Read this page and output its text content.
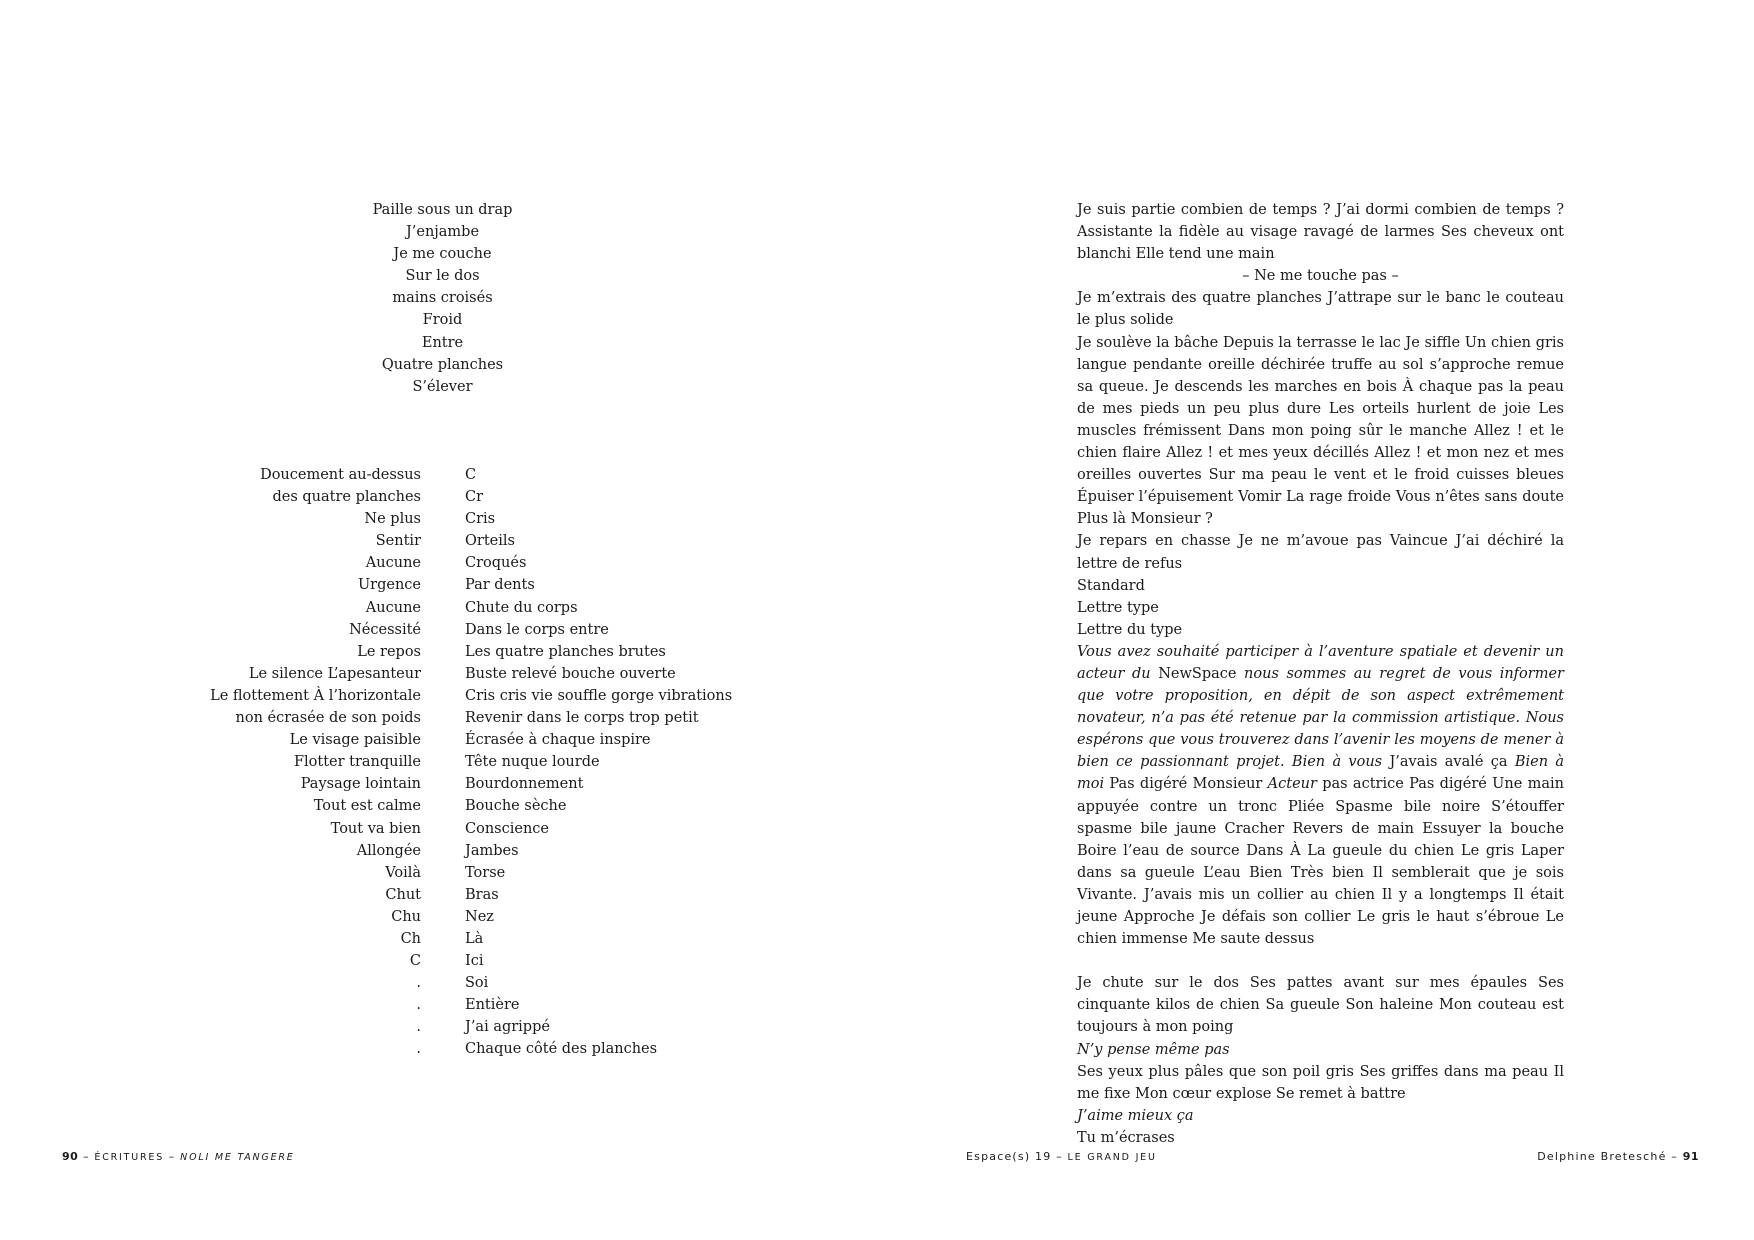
Paille sous un drap
J’enjambe
Je me couche
Sur le dos
mains croisés
Froid
Entre
Quatre planches
S’élever
Doucement au-dessus	C
des quatre planches	Cr
Ne plus	Cris
Sentir	Orteils
Aucune	Croqués
Urgence	Par dents
Aucune	Chute du corps
Nécessité	Dans le corps entre
Le repos	Les quatre planches brutes
Le silence L’apesanteur	Buste relevé bouche ouverte
Le flottement À l’horizontale	Cris cris vie souffle gorge vibrations
non écrasée de son poids	Revenir dans le corps trop petit
Le visage paisible	Écrasée à chaque inspire
Flotter tranquille	Tête nuque lourde
Paysage lointain	Bourdonnement
Tout est calme	Bouche sèche
Tout va bien	Conscience
Allongée	Jambes
Voilà	Torse
Chut	Bras
Chu	Nez
Ch	Là
C	Ici
.	Soi
.	Entière
.	J’ai agrippé
.	Chaque côté des planches
90 – ÉCRITURES – NOLI ME TANGERE

Je suis partie combien de temps ? J’ai dormi combien de temps ? Assistante la fidèle au visage ravagé de larmes Ses cheveux ont blanchi Elle tend une main

– Ne me touche pas –

Je m’extrais des quatre planches J’attrape sur le banc le couteau le plus solide

Je soulève la bâche Depuis la terrasse le lac Je siffle Un chien gris langue pendante oreille déchirée truffe au sol s’approche remue sa queue. Je descends les marches en bois À chaque pas la peau de mes pieds un peu plus dure Les orteils hurlent de joie Les muscles frémissent Dans mon poing sûr le manche Allez ! et le chien flaire Allez ! et mes yeux décillés Allez ! et mon nez et mes oreilles ouvertes Sur ma peau le vent et le froid cuisses bleues Épuiser l’épuisement Vomir La rage froide Vous n’êtes sans doute Plus là Monsieur ?

Je repars en chasse Je ne m’avoue pas Vaincue J’ai déchiré la lettre de refus

Standard

Lettre type

Lettre du type

Vous avez souhaité participer à l’aventure spatiale et devenir un acteur du NewSpace nous sommes au regret de vous informer que votre proposition, en dépit de son aspect extrêmement novateur, n’a pas été retenue par la commission artistique. Nous espérons que vous trouverez dans l’avenir les moyens de mener à bien ce passionnant projet. Bien à vous J’avais avalé ça Bien à moi Pas digéré Monsieur Acteur pas actrice Pas digéré Une main appuyée contre un tronc Pliée Spasme bile noire S’étouffer spasme bile jaune Cracher Revers de main Essuyer la bouche Boire l’eau de source Dans À La gueule du chien Le gris Laper dans sa gueule L’eau Bien Très bien Il semblerait que je sois Vivante. J’avais mis un collier au chien Il y a longtemps Il était jeune Approche Je défais son collier Le gris le haut s’ébroue Le chien immense Me saute dessus

Je chute sur le dos Ses pattes avant sur mes épaules Ses cinquante kilos de chien Sa gueule Son haleine Mon couteau est toujours à mon poing

N’y pense même pas

Ses yeux plus pâles que son poil gris Ses griffes dans ma peau Il me fixe Mon cœur explose Se remet à battre

J’aime mieux ça

Tu m’écrases

Espace(s) 19 – LE GRAND JEU	Delphine Bretesché – 91
